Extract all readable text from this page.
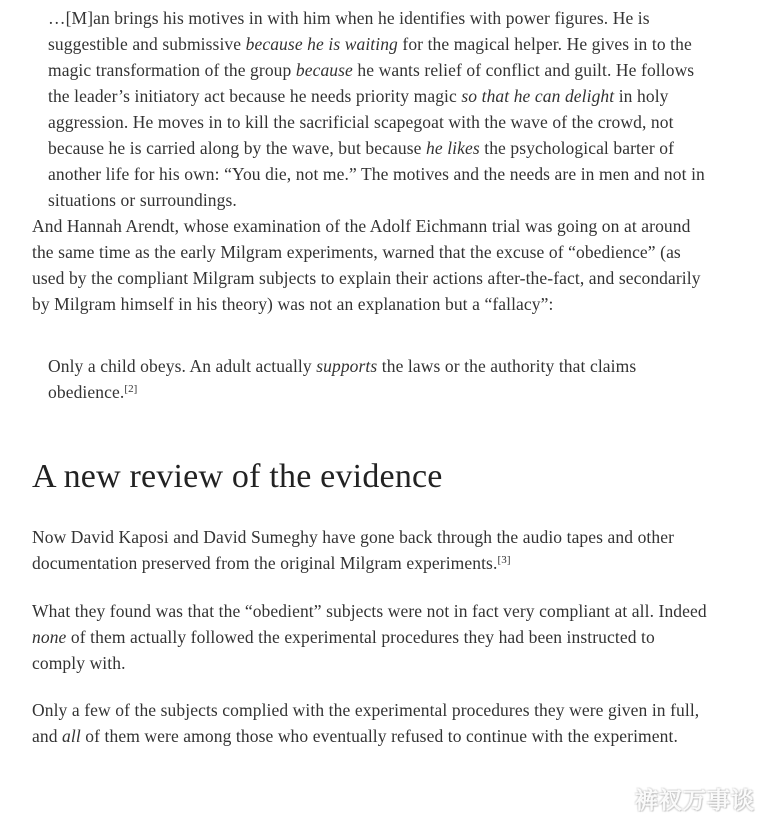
…[M]an brings his motives in with him when he identifies with power figures. He is suggestible and submissive because he is waiting for the magical helper. He gives in to the magic transformation of the group because he wants relief of conflict and guilt. He follows the leader’s initiatory act because he needs priority magic so that he can delight in holy aggression. He moves in to kill the sacrificial scapegoat with the wave of the crowd, not because he is carried along by the wave, but because he likes the psychological barter of another life for his own: “You die, not me.” The motives and the needs are in men and not in situations or surroundings.

And Hannah Arendt, whose examination of the Adolf Eichmann trial was going on at around the same time as the early Milgram experiments, warned that the excuse of “obedience” (as used by the compliant Milgram subjects to explain their actions after-the-fact, and secondarily by Milgram himself in his theory) was not an explanation but a “fallacy”:

Only a child obeys. An adult actually supports the laws or the authority that claims obedience.[2]
A new review of the evidence

Now David Kaposi and David Sumeghy have gone back through the audio tapes and other documentation preserved from the original Milgram experiments.[3]

What they found was that the “obedient” subjects were not in fact very compliant at all. Indeed none of them actually followed the experimental procedures they had been instructed to comply with.

Only a few of the subjects complied with the experimental procedures they were given in full, and all of them were among those who eventually refused to continue with the experiment.

裤衩万事谈
